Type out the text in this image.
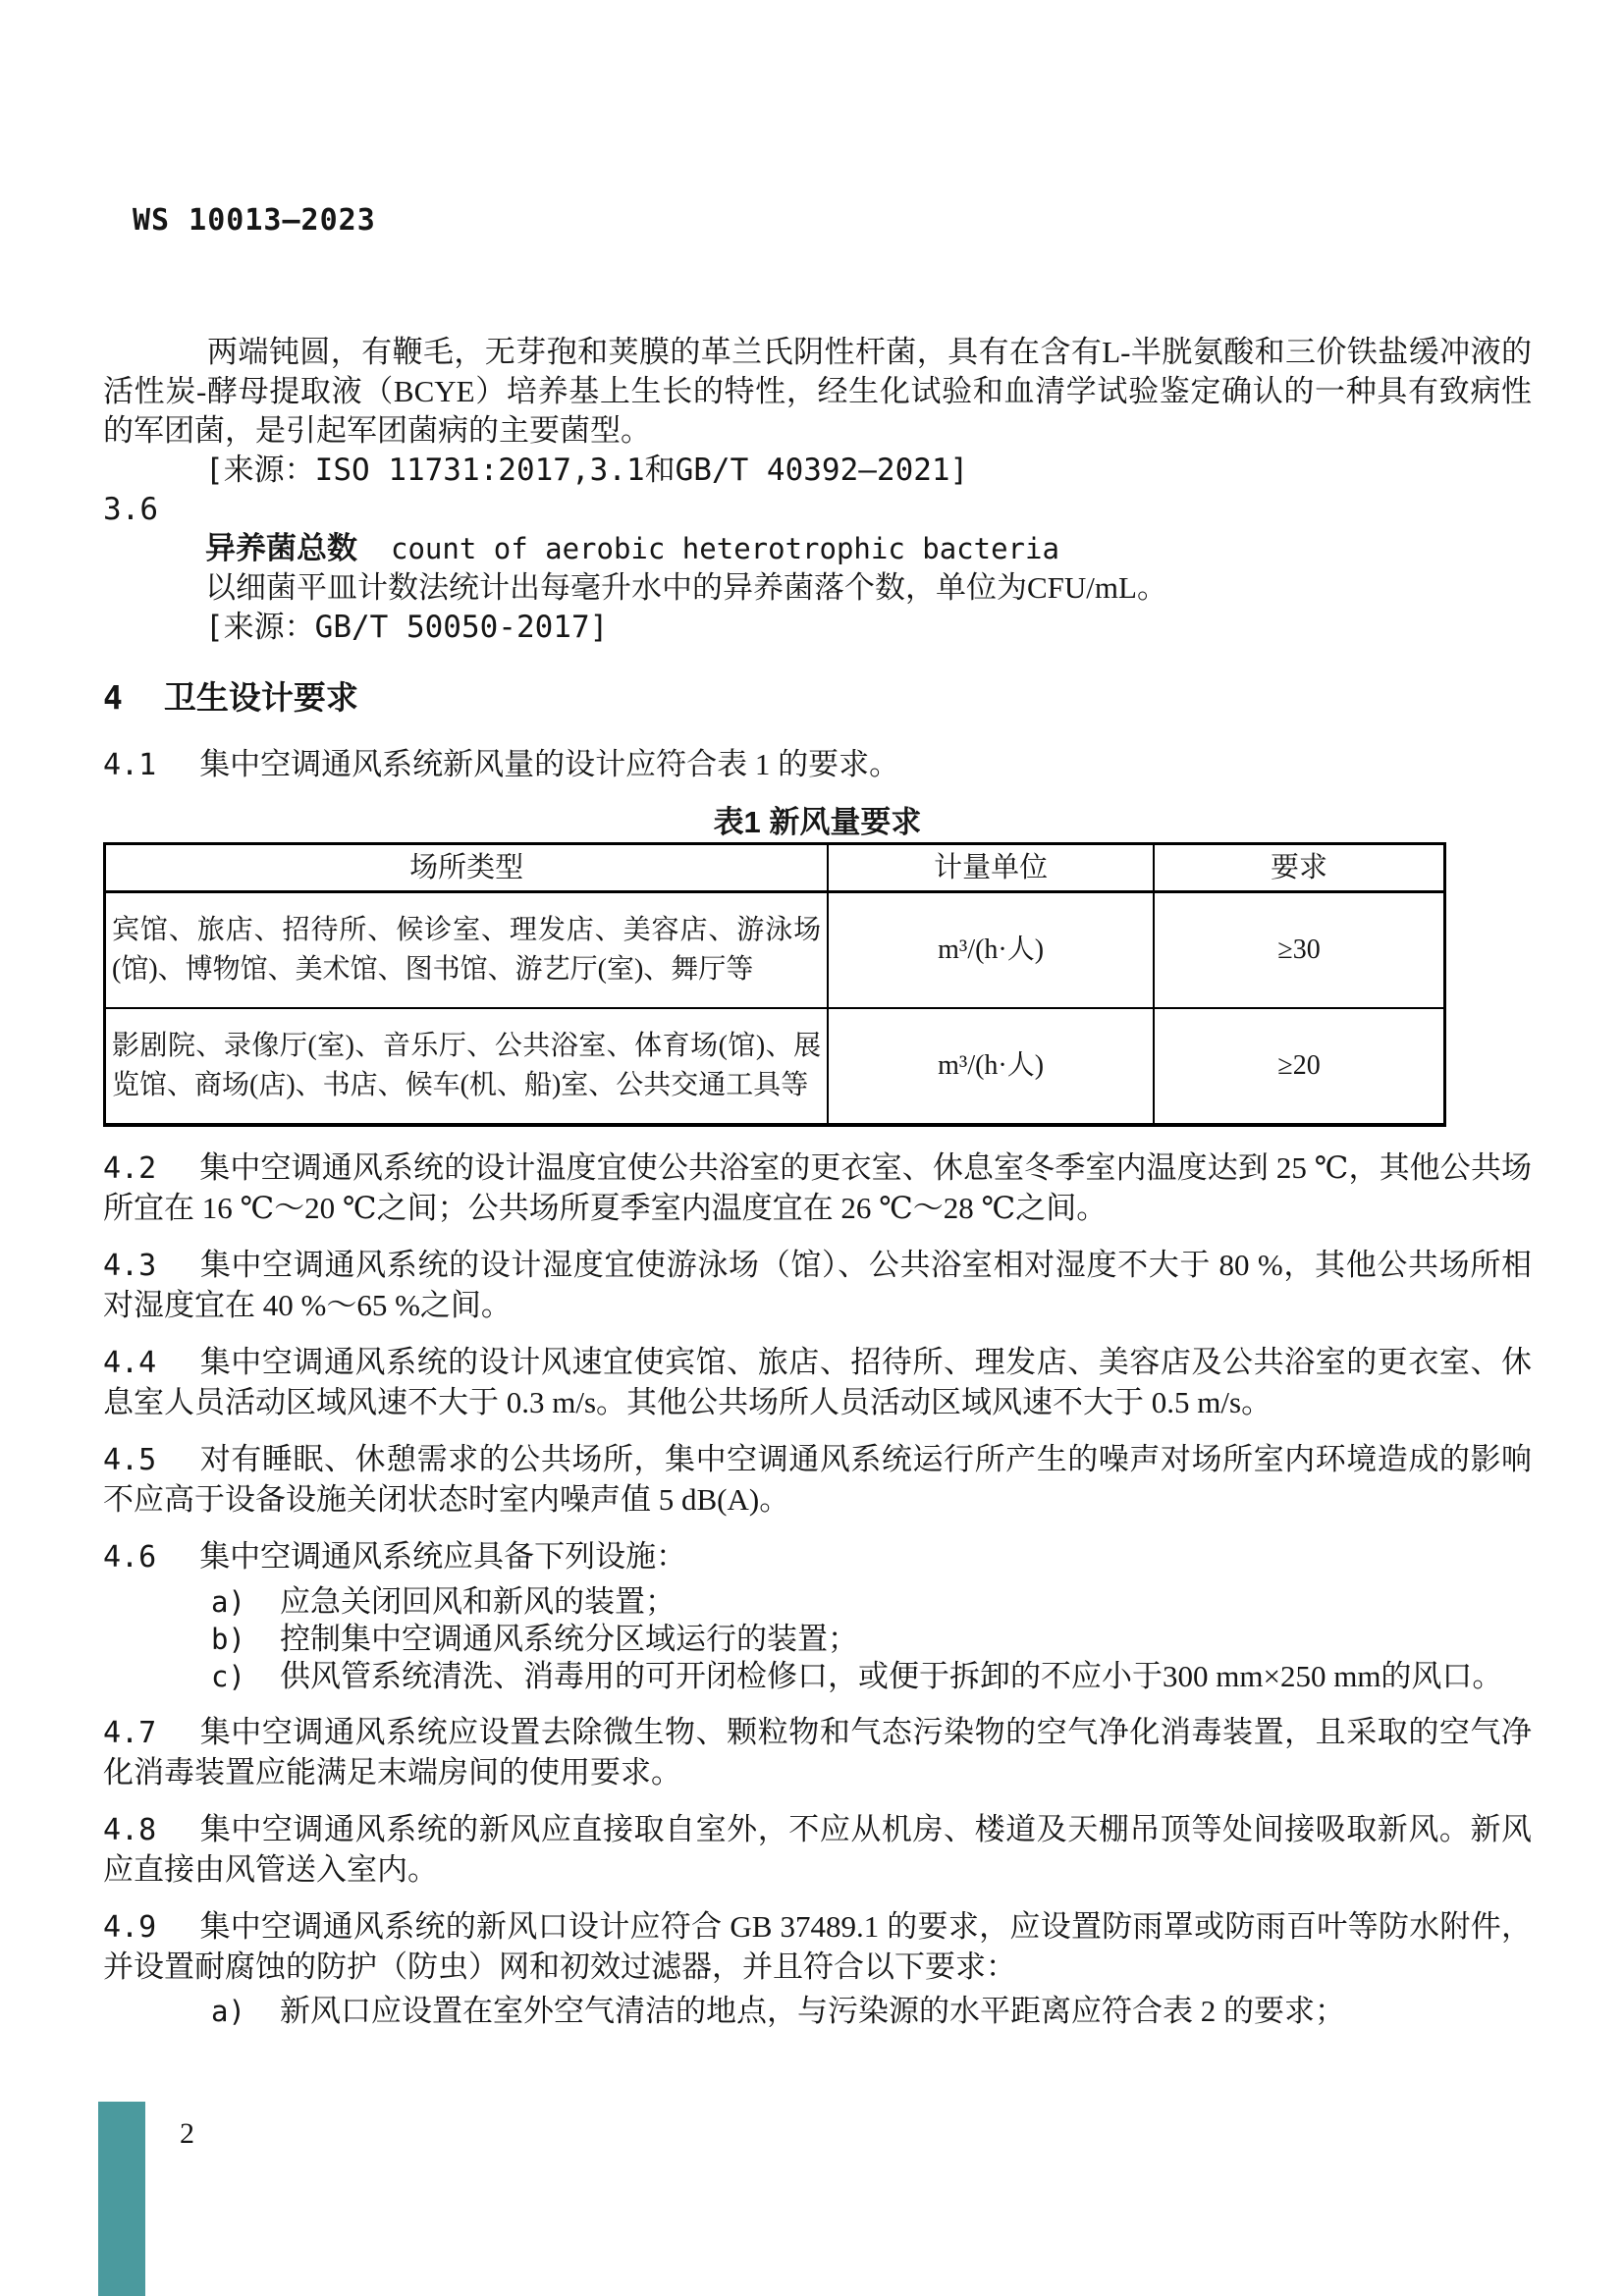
WS 10013—2023

两端钝圆，有鞭毛，无芽孢和荚膜的革兰氏阴性杆菌，具有在含有L-半胱氨酸和三价铁盐缓冲液的活性炭-酵母提取液（BCYE）培养基上生长的特性，经生化试验和血清学试验鉴定确认的一种具有致病性的军团菌，是引起军团菌病的主要菌型。

[来源：ISO 11731:2017,3.1和GB/T 40392—2021]

3.6

异养菌总数 count of aerobic heterotrophic bacteria

以细菌平皿计数法统计出每毫升水中的异养菌落个数，单位为CFU/mL。

[来源：GB/T 50050-2017]

4 卫生设计要求

4.1 集中空调通风系统新风量的设计应符合表 1 的要求。

表1 新风量要求

场所类型	计量单位	要求
宾馆、旅店、招待所、候诊室、理发店、美容店、游泳场(馆)、博物馆、美术馆、图书馆、游艺厅(室)、舞厅等
m³/(h·人)	≥30
影剧院、录像厅(室)、音乐厅、公共浴室、体育场(馆)、展览馆、商场(店)、书店、候车(机、船)室、公共交通工具等
m³/(h·人)	≥20

4.2 集中空调通风系统的设计温度宜使公共浴室的更衣室、休息室冬季室内温度达到 25 ℃，其他公共场所宜在 16 ℃～20 ℃之间；公共场所夏季室内温度宜在 26 ℃～28 ℃之间。

4.3 集中空调通风系统的设计湿度宜使游泳场（馆）、公共浴室相对湿度不大于 80 %，其他公共场所相对湿度宜在 40 %～65 %之间。

4.4 集中空调通风系统的设计风速宜使宾馆、旅店、招待所、理发店、美容店及公共浴室的更衣室、休息室人员活动区域风速不大于 0.3 m/s。其他公共场所人员活动区域风速不大于 0.5 m/s。

4.5 对有睡眠、休憩需求的公共场所，集中空调通风系统运行所产生的噪声对场所室内环境造成的影响不应高于设备设施关闭状态时室内噪声值 5 dB(A)。

4.6 集中空调通风系统应具备下列设施：

a) 应急关闭回风和新风的装置；
b) 控制集中空调通风系统分区域运行的装置；
c) 供风管系统清洗、消毒用的可开闭检修口，或便于拆卸的不应小于300 mm×250 mm的风口。

4.7 集中空调通风系统应设置去除微生物、颗粒物和气态污染物的空气净化消毒装置，且采取的空气净化消毒装置应能满足末端房间的使用要求。

4.8 集中空调通风系统的新风应直接取自室外，不应从机房、楼道及天棚吊顶等处间接吸取新风。新风应直接由风管送入室内。

4.9 集中空调通风系统的新风口设计应符合 GB 37489.1 的要求，应设置防雨罩或防雨百叶等防水附件，并设置耐腐蚀的防护（防虫）网和初效过滤器，并且符合以下要求：

a) 新风口应设置在室外空气清洁的地点，与污染源的水平距离应符合表 2 的要求；
2
